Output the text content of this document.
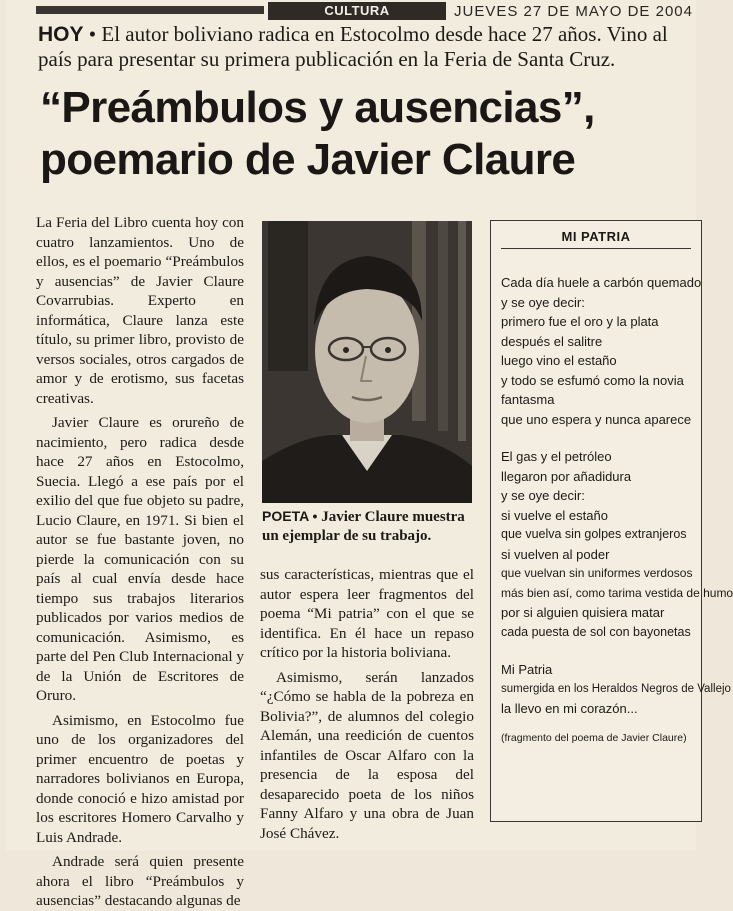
CULTURA	JUEVES 27 DE MAYO DE 2004
HOY • El autor boliviano radica en Estocolmo desde hace 27 años. Vino al país para presentar su primera publicación en la Feria de Santa Cruz.
“Preámbulos y ausencias”,
poemario de Javier Claure

La Feria del Libro cuenta hoy con cuatro lanzamientos. Uno de ellos, es el poemario “Preámbulos y ausencias” de Javier Claure Covarrubias. Experto en informática, Claure lanza este título, su primer libro, provisto de versos sociales, otros cargados de amor y de erotismo, sus facetas creativas.

Javier Claure es orureño de nacimiento, pero radica desde hace 27 años en Estocolmo, Suecia. Llegó a ese país por el exilio del que fue objeto su padre, Lucio Claure, en 1971. Si bien el autor se fue bastante joven, no pierde la comunicación con su país al cual envía desde hace tiempo sus trabajos literarios publicados por varios medios de comunicación. Asimismo, es parte del Pen Club Internacional y de la Unión de Escritores de Oruro.

Asimismo, en Estocolmo fue uno de los organizadores del primer encuentro de poetas y narradores bolivianos en Europa, donde conoció e hizo amistad por los escritores Homero Carvalho y Luis Andrade.

Andrade será quien presente ahora el libro “Preámbulos y ausencias” destacando algunas de

POETA • Javier Claure muestra un ejemplar de su trabajo.

sus características, mientras que el autor espera leer fragmentos del poema “Mi patria” con el que se identifica. En él hace un repaso crítico por la historia boliviana.

Asimismo, serán lanzados “¿Cómo se habla de la pobreza en Bolivia?”, de alumnos del colegio Alemán, una reedición de cuentos infantiles de Oscar Alfaro con la presencia de la esposa del desaparecido poeta de los niños Fanny Alfaro y una obra de Juan José Chávez.

MI PATRIA
Cada día huele a carbón quemado
y se oye decir:
primero fue el oro y la plata
después el salitre
luego vino el estaño
y todo se esfumó como la novia
fantasma
que uno espera y nunca aparece
El gas y el petróleo
llegaron por añadidura
y se oye decir:
si vuelve el estaño
que vuelva sin golpes extranjeros
si vuelven al poder
que vuelvan sin uniformes verdosos
más bien así, como tarima vestida de humo
por si alguien quisiera matar
cada puesta de sol con bayonetas
Mi Patria
sumergida en los Heraldos Negros de Vallejo
la llevo en mi corazón...
(fragmento del poema de Javier Claure)
